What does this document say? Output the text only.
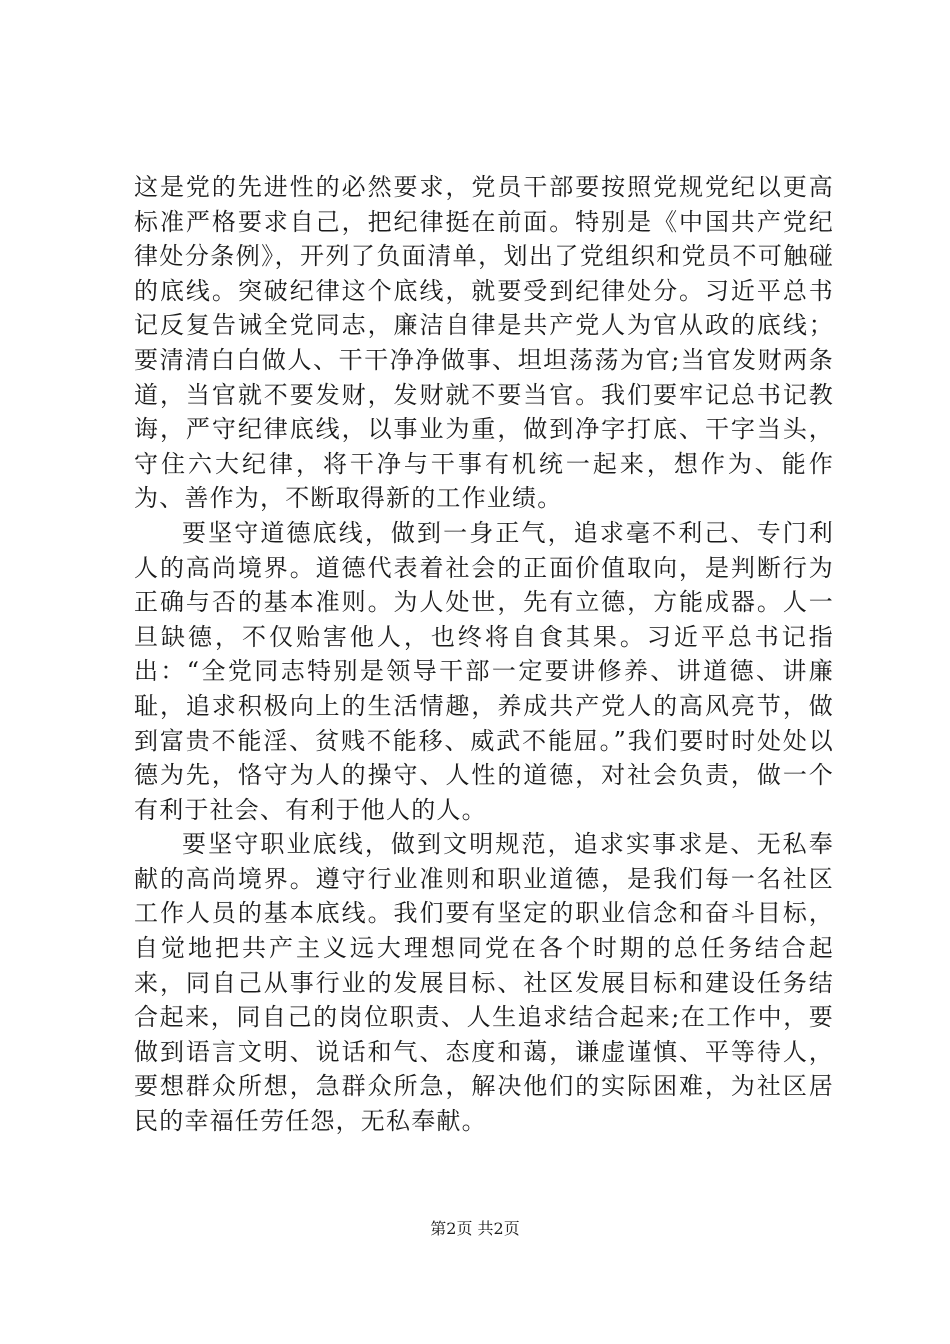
这是党的先进性的必然要求，党员干部要按照党规党纪以更高标准严格要求自己，把纪律挺在前面。特别是《中国共产党纪律处分条例》，开列了负面清单，划出了党组织和党员不可触碰的底线。突破纪律这个底线，就要受到纪律处分。习近平总书记反复告诫全党同志，廉洁自律是共产党人为官从政的底线；要清清白白做人、干干净净做事、坦坦荡荡为官;当官发财两条道，当官就不要发财，发财就不要当官。我们要牢记总书记教诲，严守纪律底线，以事业为重，做到净字打底、干字当头，守住六大纪律，将干净与干事有机统一起来，想作为、能作为、善作为，不断取得新的工作业绩。

要坚守道德底线，做到一身正气，追求毫不利己、专门利人的高尚境界。道德代表着社会的正面价值取向，是判断行为正确与否的基本准则。为人处世，先有立德，方能成器。人一旦缺德，不仅贻害他人，也终将自食其果。习近平总书记指出：“全党同志特别是领导干部一定要讲修养、讲道德、讲廉耻，追求积极向上的生活情趣，养成共产党人的高风亮节，做到富贵不能淫、贫贱不能移、威武不能屈。”我们要时时处处以德为先，恪守为人的操守、人性的道德，对社会负责，做一个有利于社会、有利于他人的人。

要坚守职业底线，做到文明规范，追求实事求是、无私奉献的高尚境界。遵守行业准则和职业道德，是我们每一名社区工作人员的基本底线。我们要有坚定的职业信念和奋斗目标，自觉地把共产主义远大理想同党在各个时期的总任务结合起来，同自己从事行业的发展目标、社区发展目标和建设任务结合起来，同自己的岗位职责、人生追求结合起来;在工作中，要做到语言文明、说话和气、态度和蔼，谦虚谨慎、平等待人，要想群众所想，急群众所急，解决他们的实际困难，为社区居民的幸福任劳任怨，无私奉献。

第2页 共2页
